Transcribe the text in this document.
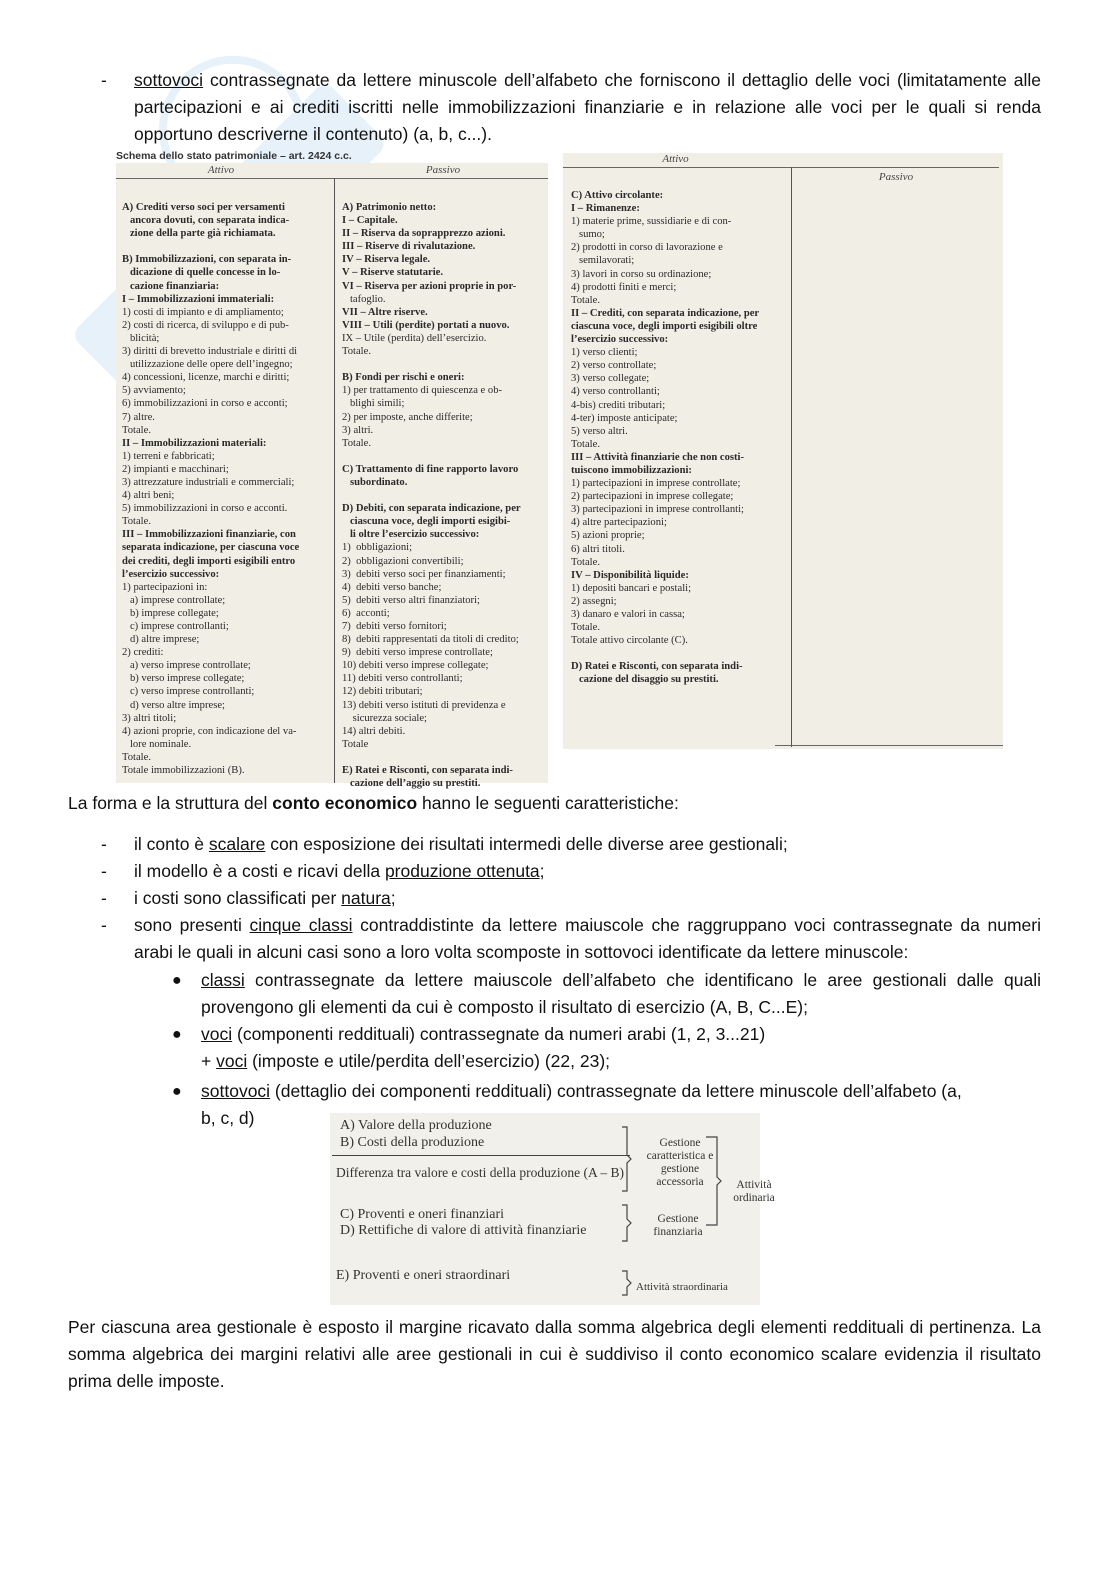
- sottovoci contrassegnate da lettere minuscole dell’alfabeto che forniscono il dettaglio delle voci (limitatamente alle partecipazioni e ai crediti iscritti nelle immobilizzazioni finanziarie e in relazione alle voci per le quali si renda opportuno descriverne il contenuto) (a, b, c...).
Schema dello stato patrimoniale – art. 2424 c.c.
Attivo	Passivo
A) Crediti verso soci per versamenti
ancora dovuti, con separata indica-
zione della parte già richiamata.

B) Immobilizzazioni, con separata in-
dicazione di quelle concesse in lo-
cazione finanziaria:
I – Immobilizzazioni immateriali:
1) costi di impianto e di ampliamento;
2) costi di ricerca, di sviluppo e di pub-
blicità;
3) diritti di brevetto industriale e diritti di
utilizzazione delle opere dell’ingegno;
4) concessioni, licenze, marchi e diritti;
5) avviamento;
6) immobilizzazioni in corso e acconti;
7) altre.
Totale.
II – Immobilizzazioni materiali:
1) terreni e fabbricati;
2) impianti e macchinari;
3) attrezzature industriali e commerciali;
4) altri beni;
5) immobilizzazioni in corso e acconti.
Totale.
III – Immobilizzazioni finanziarie, con
separata indicazione, per ciascuna voce
dei crediti, degli importi esigibili entro
l’esercizio successivo:
1) partecipazioni in:
a) imprese controllate;
b) imprese collegate;
c) imprese controllanti;
d) altre imprese;
2) crediti:
a) verso imprese controllate;
b) verso imprese collegate;
c) verso imprese controllanti;
d) verso altre imprese;
3) altri titoli;
4) azioni proprie, con indicazione del va-
lore nominale.
Totale.
Totale immobilizzazioni (B).
A) Patrimonio netto:
I – Capitale.
II – Riserva da soprapprezzo azioni.
III – Riserve di rivalutazione.
IV – Riserva legale.
V – Riserve statutarie.
VI – Riserva per azioni proprie in por-
tafoglio.
VII – Altre riserve.
VIII – Utili (perdite) portati a nuovo.
IX – Utile (perdita) dell’esercizio.
Totale.

B) Fondi per rischi e oneri:
1) per trattamento di quiescenza e ob-
blighi simili;
2) per imposte, anche differite;
3) altri.
Totale.

C) Trattamento di fine rapporto lavoro
subordinato.

D) Debiti, con separata indicazione, per
ciascuna voce, degli importi esigibi-
li oltre l’esercizio successivo:
1)  obbligazioni;
2)  obbligazioni convertibili;
3)  debiti verso soci per finanziamenti;
4)  debiti verso banche;
5)  debiti verso altri finanziatori;
6)  acconti;
7)  debiti verso fornitori;
8)  debiti rappresentati da titoli di credito;
9)  debiti verso imprese controllate;
10) debiti verso imprese collegate;
11) debiti verso controllanti;
12) debiti tributari;
13) debiti verso istituti di previdenza e
sicurezza sociale;
14) altri debiti.
Totale

E) Ratei e Risconti, con separata indi-
cazione dell’aggio su prestiti.
Attivo
Passivo
C) Attivo circolante:
I – Rimanenze:
1) materie prime, sussidiarie e di con-
sumo;
2) prodotti in corso di lavorazione e
semilavorati;
3) lavori in corso su ordinazione;
4) prodotti finiti e merci;
Totale.
II – Crediti, con separata indicazione, per
ciascuna voce, degli importi esigibili oltre
l’esercizio successivo:
1) verso clienti;
2) verso controllate;
3) verso collegate;
4) verso controllanti;
4-bis) crediti tributari;
4-ter) imposte anticipate;
5) verso altri.
Totale.
III – Attività finanziarie che non costi-
tuiscono immobilizzazioni:
1) partecipazioni in imprese controllate;
2) partecipazioni in imprese collegate;
3) partecipazioni in imprese controllanti;
4) altre partecipazioni;
5) azioni proprie;
6) altri titoli.
Totale.
IV – Disponibilità liquide:
1) depositi bancari e postali;
2) assegni;
3) danaro e valori in cassa;
Totale.
Totale attivo circolante (C).

D) Ratei e Risconti, con separata indi-
cazione del disaggio su prestiti.
La forma e la struttura del conto economico hanno le seguenti caratteristiche:
- il conto è scalare con esposizione dei risultati intermedi delle diverse aree gestionali;
- il modello è a costi e ricavi della produzione ottenuta;
- i costi sono classificati per natura;
- sono presenti cinque classi contraddistinte da lettere maiuscole che raggruppano voci contrassegnate da numeri arabi le quali in alcuni casi sono a loro volta scomposte in sottovoci identificate da lettere minuscole:
● classi contrassegnate da lettere maiuscole dell’alfabeto che identificano le aree gestionali dalle quali provengono gli elementi da cui è composto il risultato di esercizio (A, B, C...E);
● voci (componenti reddituali) contrassegnate da numeri arabi (1, 2, 3...21)
+ voci (imposte e utile/perdita dell’esercizio) (22, 23);
● sottovoci (dettaglio dei componenti reddituali) contrassegnate da lettere minuscole dell’alfabeto (a,
b, c, d)	A) Valore della produzione
B) Costi della produzione
Differenza tra valore e costi della produzione (A – B)
C) Proventi e oneri finanziari
D) Rettifiche di valore di attività finanziarie
E) Proventi e oneri straordinari
Gestione caratteristica e gestione accessoria
Gestione finanziaria
Attività ordinaria
Attività straordinaria
Per ciascuna area gestionale è esposto il margine ricavato dalla somma algebrica degli elementi reddituali di pertinenza. La somma algebrica dei margini relativi alle aree gestionali in cui è suddiviso il conto economico scalare evidenzia il risultato prima delle imposte.
